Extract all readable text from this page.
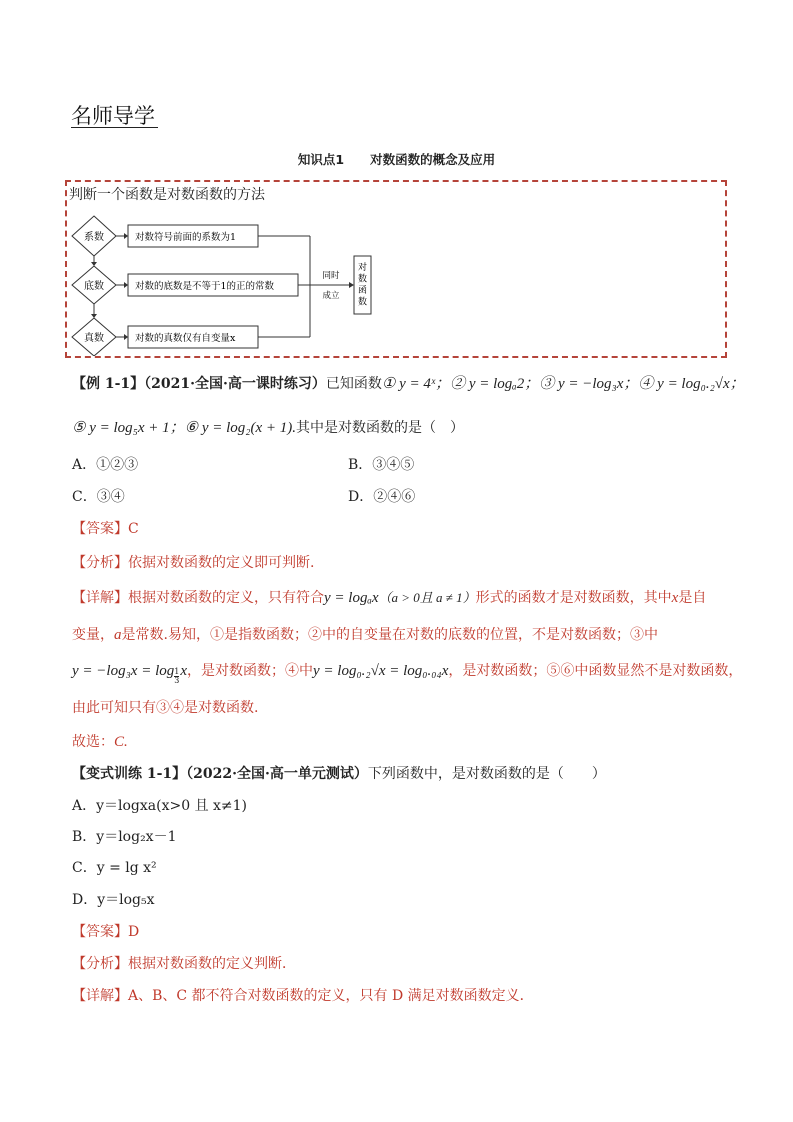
名师导学
知识点1 对数函数的概念及应用
判断一个函数是对数函数的方法
系数
底数
真数
对数符号前面的系数为1
对数的底数是不等于1的正的常数
对数的真数仅有自变量x
同时
成立
对数函数
【例 1-1】（2021·全国·高一课时练习）已知函数① y = 4ˣ；② y = logₐ2；③ y = −log₃x；④ y = log₀.₂√x；
⑤ y = log₅x + 1；⑥ y = log₂(x + 1).其中是对数函数的是（　）
A．①②③	B．③④⑤
C．③④	D．②④⑥
【答案】C
【分析】依据对数函数的定义即可判断.
【详解】根据对数函数的定义，只有符合y = logₐx（a > 0且 a ≠ 1）形式的函数才是对数函数，其中x是自
变量，a是常数.易知，①是指数函数；②中的自变量在对数的底数的位置，不是对数函数；③中
$y = -\log_3x = \log \frac{1}{3}$ x，是对数函数；④中y = log₀.₂√x = log₀.₀₄x，是对数函数；⑤⑥中函数显然不是对数函数，
由此可知只有③④是对数函数.
故选：C.
【变式训练 1-1】（2022·全国·高一单元测试）下列函数中，是对数函数的是（　　）
A．y＝logxa(x>0 且 x≠1)
B．y＝log₂x－1
C．y = lg x²
D．y＝log₅x
【答案】D
【分析】根据对数函数的定义判断．
【详解】A、B、C 都不符合对数函数的定义，只有 D 满足对数函数定义．
